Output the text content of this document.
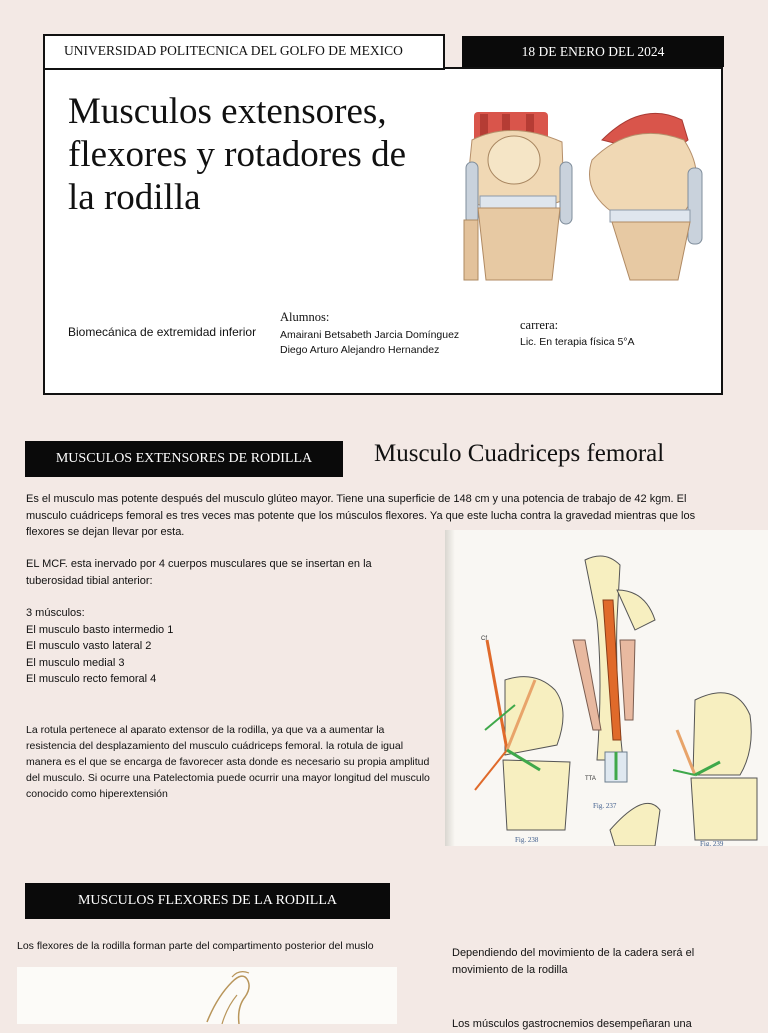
UNIVERSIDAD POLITECNICA DEL GOLFO DE MEXICO	18 DE ENERO DEL 2024
Musculos extensores, flexores y rotadores de la rodilla
Biomecánica de extremidad inferior
Alumnos:
Amairani Betsabeth Jarcia Domínguez
Diego Arturo Alejandro Hernandez
carrera:
Lic. En terapia física 5°A
MUSCULOS EXTENSORES DE RODILLA	Musculo Cuadriceps femoral

Es el musculo mas potente después del musculo glúteo mayor. Tiene una superficie de 148 cm y una potencia de trabajo de 42 kgm. El musculo cuádriceps femoral es tres veces mas potente que los músculos flexores. Ya que este lucha contra la gravedad mientras que los flexores se dejan llevar por esta.

EL MCF. esta inervado por 4 cuerpos musculares que se insertan en la tuberosidad tibial anterior:

3 músculos:
El musculo basto intermedio 1
El musculo vasto lateral 2
El musculo medial 3
El musculo recto femoral 4

La rotula pertenece al aparato extensor de la rodilla, ya que va a aumentar la resistencia del desplazamiento del musculo cuádriceps femoral. la rotula de igual manera es el que se encarga de favorecer asta donde es necesario su propia amplitud del musculo. Si ocurre una Patelectomia puede ocurrir una mayor longitud del musculo conocido como hiperextensión

Cf
TTA
Fig. 237
Fig. 238	Fig. 239
MUSCULOS FLEXORES DE LA RODILLA

Los flexores de la rodilla forman parte del compartimento posterior del muslo

Dependiendo del movimiento de la cadera será el movimiento de la rodilla

Los músculos gastrocnemios desempeñaran una
